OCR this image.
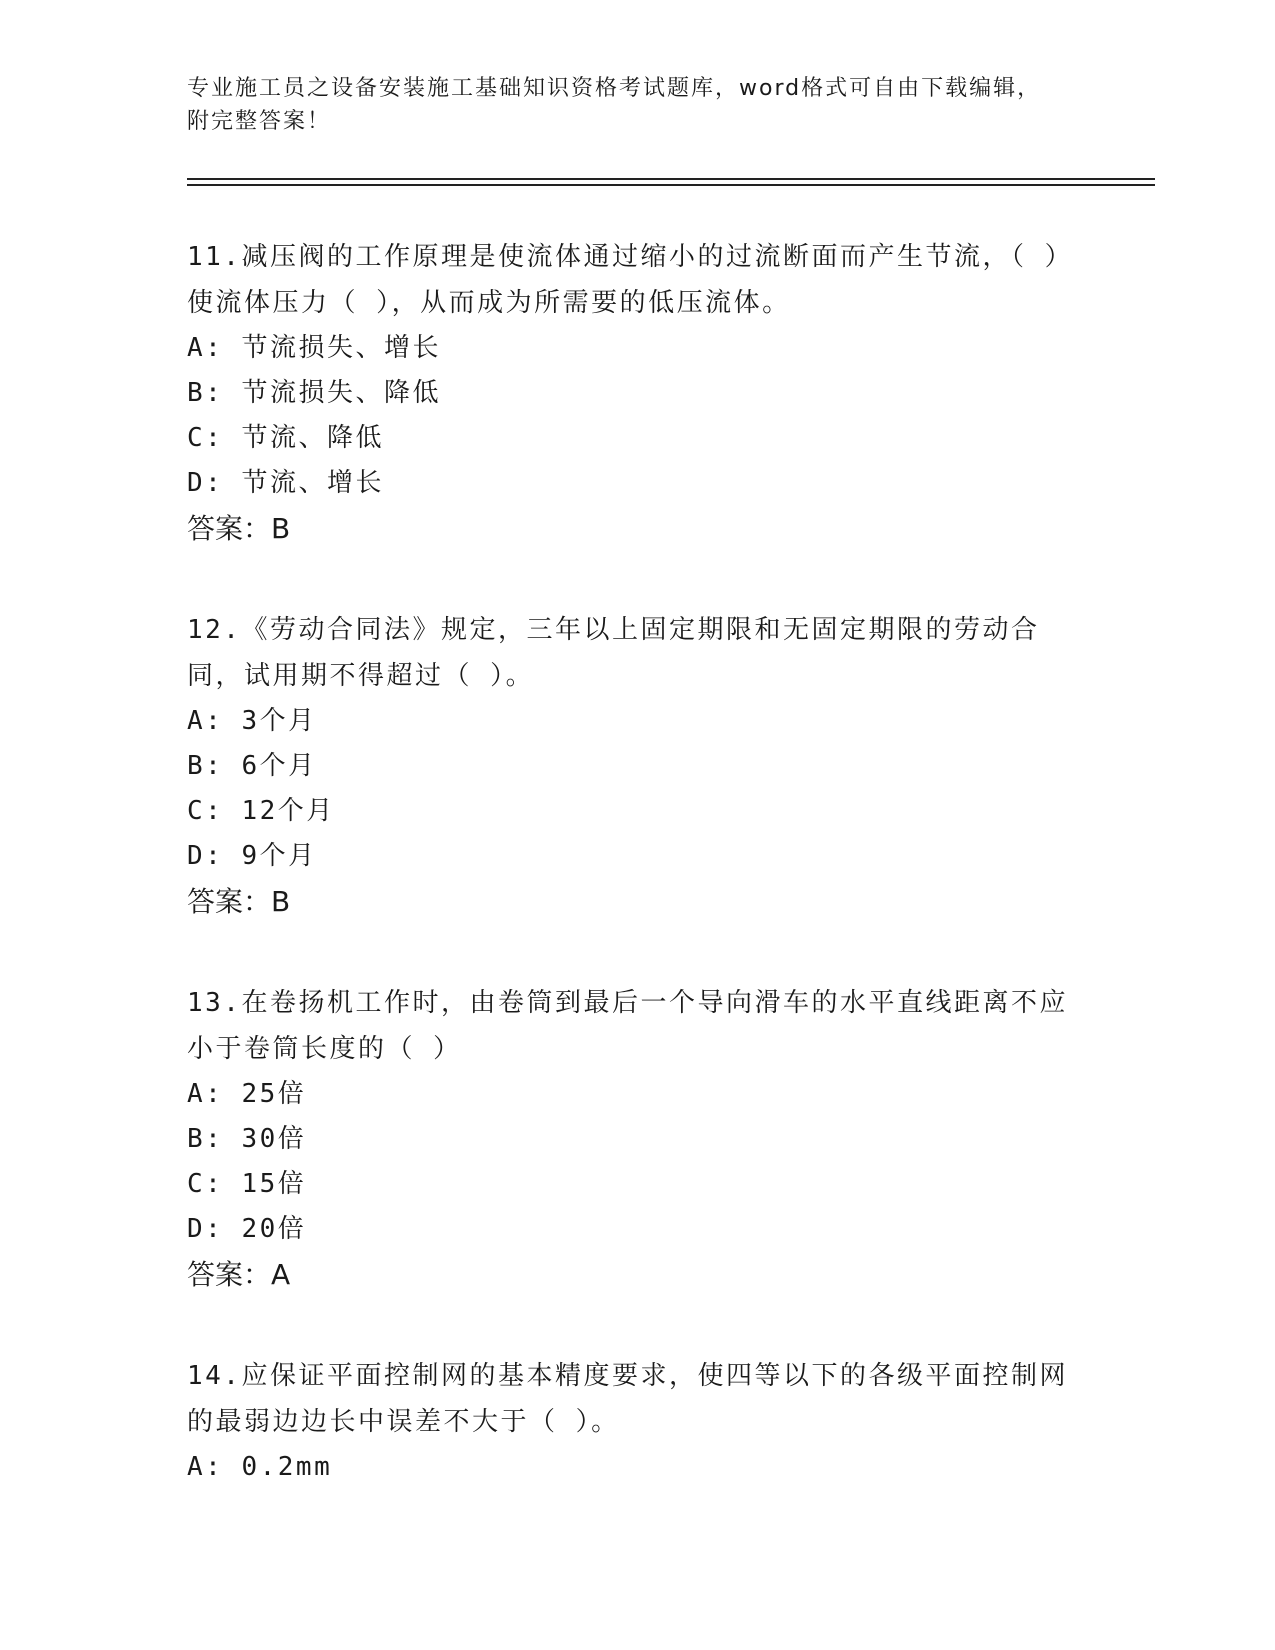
专业施工员之设备安装施工基础知识资格考试题库，word格式可自由下载编辑，
附完整答案！

11.减压阀的工作原理是使流体通过缩小的过流断面而产生节流，（ ）使流体压力（ ），从而成为所需要的低压流体。

A: 节流损失、增长

B: 节流损失、降低

C: 节流、降低

D: 节流、增长

答案：B

12.《劳动合同法》规定，三年以上固定期限和无固定期限的劳动合同，试用期不得超过（ ）。

A: 3个月

B: 6个月

C: 12个月

D: 9个月

答案：B

13.在卷扬机工作时，由卷筒到最后一个导向滑车的水平直线距离不应小于卷筒长度的（ ）

A: 25倍

B: 30倍

C: 15倍

D: 20倍

答案：A

14.应保证平面控制网的基本精度要求，使四等以下的各级平面控制网的最弱边边长中误差不大于（ ）。

A: 0.2mm
